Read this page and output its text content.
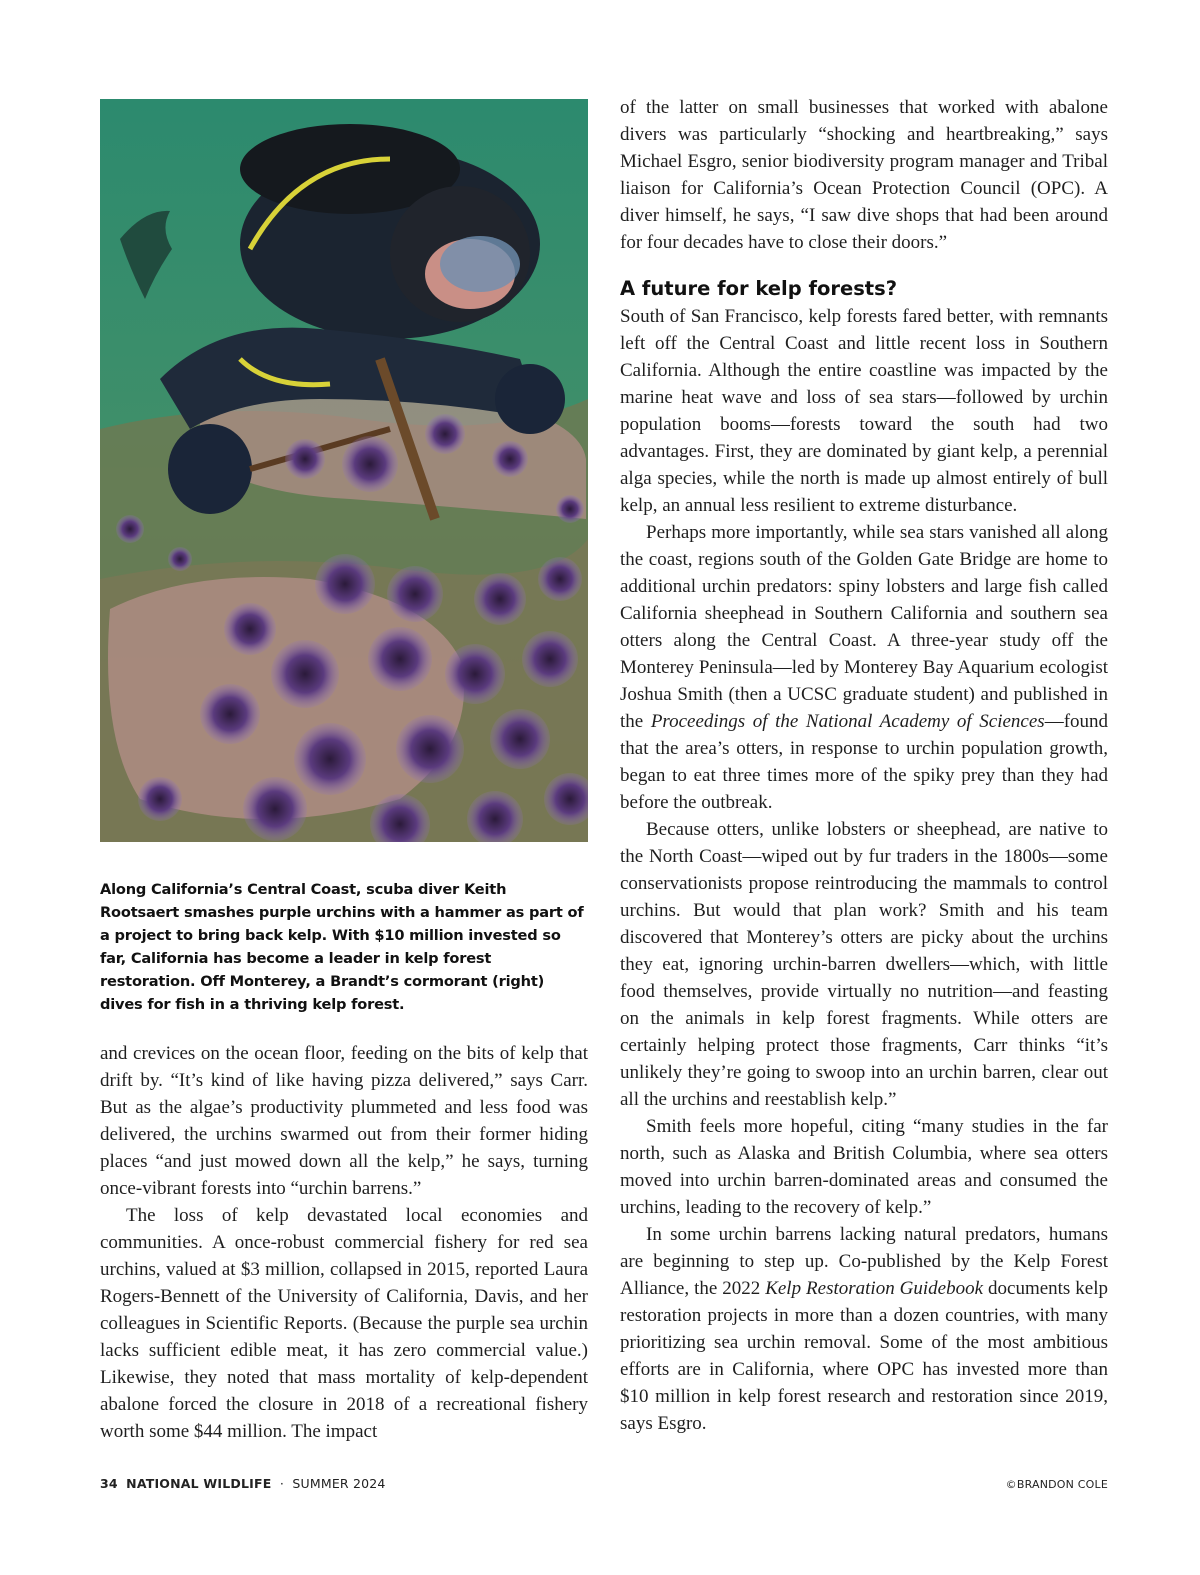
Along California’s Central Coast, scuba diver Keith Rootsaert smashes purple urchins with a hammer as part of a project to bring back kelp. With $10 million invested so far, California has become a leader in kelp forest restoration. Off Monterey, a Brandt’s cormorant (right) dives for fish in a thriving kelp forest.

and crevices on the ocean floor, feeding on the bits of kelp that drift by. “It’s kind of like having pizza delivered,” says Carr. But as the algae’s productivity plummeted and less food was delivered, the urchins swarmed out from their former hiding places “and just mowed down all the kelp,” he says, turning once-vibrant forests into “urchin barrens.”

The loss of kelp devastated local economies and communities. A once-robust commercial fishery for red sea urchins, valued at $3 million, collapsed in 2015, reported Laura Rogers-Bennett of the University of California, Davis, and her colleagues in Scientific Reports. (Because the purple sea urchin lacks sufficient edible meat, it has zero commercial value.) Likewise, they noted that mass mortality of kelp-dependent abalone forced the closure in 2018 of a recreational fishery worth some $44 million. The impact

of the latter on small businesses that worked with abalone divers was particularly “shocking and heartbreaking,” says Michael Esgro, senior biodiversity program manager and Tribal liaison for California’s Ocean Protection Council (OPC). A diver himself, he says, “I saw dive shops that had been around for four decades have to close their doors.”

A future for kelp forests?

South of San Francisco, kelp forests fared better, with remnants left off the Central Coast and little recent loss in Southern California. Although the entire coastline was impacted by the marine heat wave and loss of sea stars—followed by urchin population booms—forests toward the south had two advantages. First, they are dominated by giant kelp, a perennial alga species, while the north is made up almost entirely of bull kelp, an annual less resilient to extreme disturbance.

Perhaps more importantly, while sea stars vanished all along the coast, regions south of the Golden Gate Bridge are home to additional urchin predators: spiny lobsters and large fish called California sheephead in Southern California and southern sea otters along the Central Coast. A three-year study off the Monterey Peninsula—led by Monterey Bay Aquarium ecologist Joshua Smith (then a UCSC graduate student) and published in the Proceedings of the National Academy of Sciences—found that the area’s otters, in response to urchin population growth, began to eat three times more of the spiky prey than they had before the outbreak.

Because otters, unlike lobsters or sheephead, are native to the North Coast—wiped out by fur traders in the 1800s—some conservationists propose reintroducing the mammals to control urchins. But would that plan work? Smith and his team discovered that Monterey’s otters are picky about the urchins they eat, ignoring urchin-barren dwellers—which, with little food themselves, provide virtually no nutrition—and feasting on the animals in kelp forest fragments. While otters are certainly helping protect those fragments, Carr thinks “it’s unlikely they’re going to swoop into an urchin barren, clear out all the urchins and reestablish kelp.”

Smith feels more hopeful, citing “many studies in the far north, such as Alaska and British Columbia, where sea otters moved into urchin barren-dominated areas and consumed the urchins, leading to the recovery of kelp.”

In some urchin barrens lacking natural predators, humans are beginning to step up. Co-published by the Kelp Forest Alliance, the 2022 Kelp Restoration Guidebook documents kelp restoration projects in more than a dozen countries, with many prioritizing sea urchin removal. Some of the most ambitious efforts are in California, where OPC has invested more than $10 million in kelp forest research and restoration since 2019, says Esgro.

34 NATIONAL WILDLIFE · SUMMER 2024	©BRANDON COLE
